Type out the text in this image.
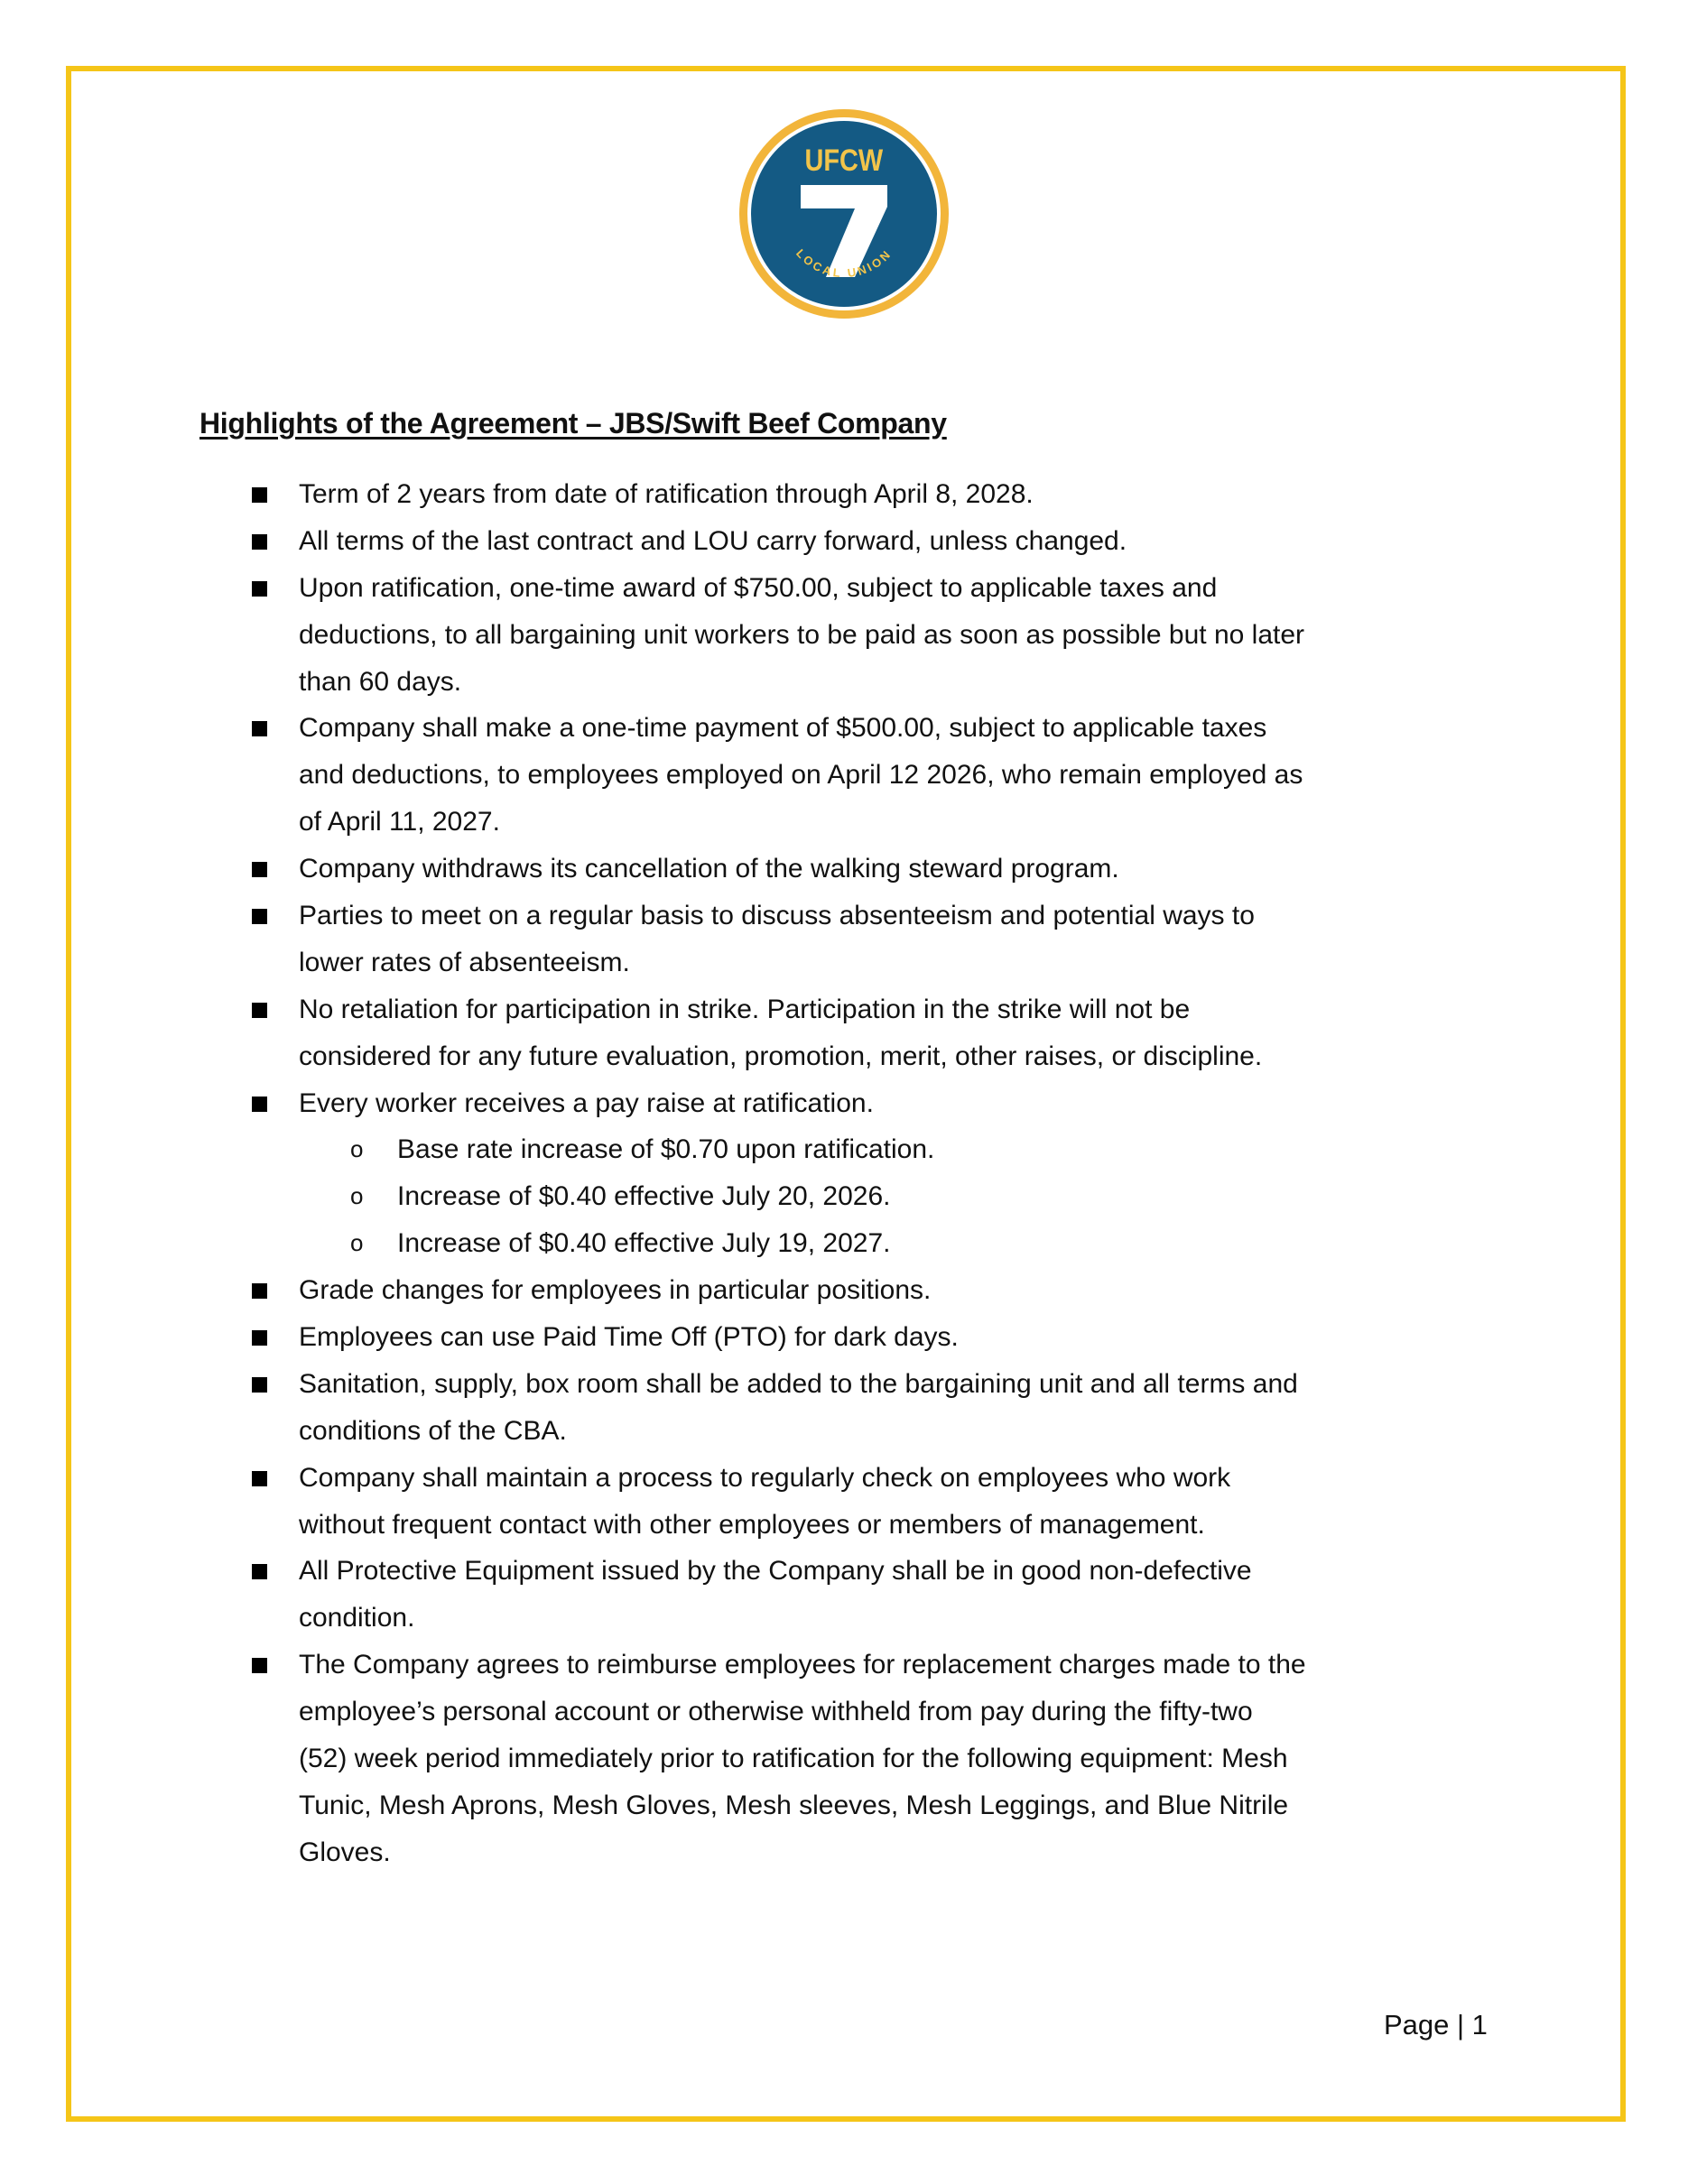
UFCW
LOCAL UNION
Highlights of the Agreement – JBS/Swift Beef Company
Term of 2 years from date of ratification through April 8, 2028.
All terms of the last contract and LOU carry forward, unless changed.
Upon ratification, one-time award of $750.00, subject to applicable taxes and
deductions, to all bargaining unit workers to be paid as soon as possible but no later
than 60 days.
Company shall make a one-time payment of $500.00, subject to applicable taxes
and deductions, to employees employed on April 12 2026, who remain employed as
of April 11, 2027.
Company withdraws its cancellation of the walking steward program.
Parties to meet on a regular basis to discuss absenteeism and potential ways to
lower rates of absenteeism.
No retaliation for participation in strike. Participation in the strike will not be
considered for any future evaluation, promotion, merit, other raises, or discipline.
Every worker receives a pay raise at ratification.
o Base rate increase of $0.70 upon ratification.
o Increase of $0.40 effective July 20, 2026.
o Increase of $0.40 effective July 19, 2027.
Grade changes for employees in particular positions.
Employees can use Paid Time Off (PTO) for dark days.
Sanitation, supply, box room shall be added to the bargaining unit and all terms and
conditions of the CBA.
Company shall maintain a process to regularly check on employees who work
without frequent contact with other employees or members of management.
All Protective Equipment issued by the Company shall be in good non-defective
condition.
The Company agrees to reimburse employees for replacement charges made to the
employee’s personal account or otherwise withheld from pay during the fifty-two
(52) week period immediately prior to ratification for the following equipment: Mesh
Tunic, Mesh Aprons, Mesh Gloves, Mesh sleeves, Mesh Leggings, and Blue Nitrile
Gloves.
Page | 1
